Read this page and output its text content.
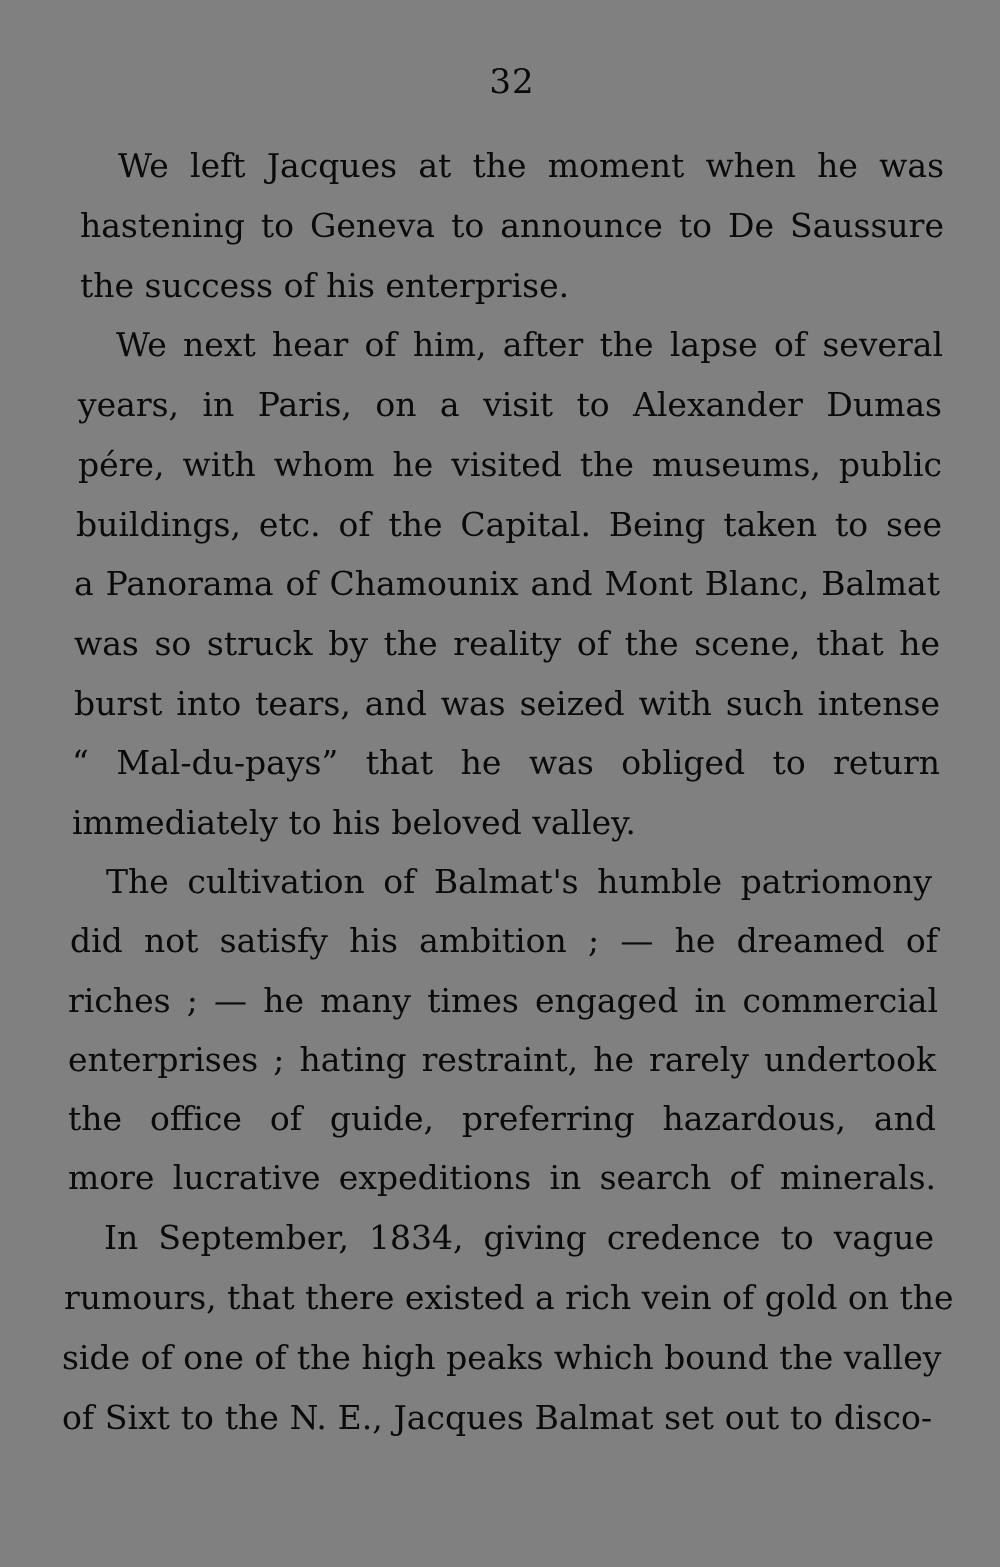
32
We left Jacques at the moment when he was
hastening to Geneva to announce to De Saussure
the success of his enterprise.
We next hear of him, after the lapse of several
years, in Paris, on a visit to Alexander Dumas
pére, with whom he visited the museums, public
buildings, etc. of the Capital. Being taken to see
a Panorama of Chamounix and Mont Blanc, Balmat
was so struck by the reality of the scene, that he
burst into tears, and was seized with such intense
“ Mal-du-pays” that he was obliged to return
immediately to his beloved valley.
The cultivation of Balmat's humble patriomony
did not satisfy his ambition ; — he dreamed of
riches ; — he many times engaged in commercial
enterprises ; hating restraint, he rarely undertook
the office of guide, preferring hazardous, and
more lucrative expeditions in search of minerals.
In September, 1834, giving credence to vague
rumours, that there existed a rich vein of gold on the
side of one of the high peaks which bound the valley
of Sixt to the N. E., Jacques Balmat set out to disco-
